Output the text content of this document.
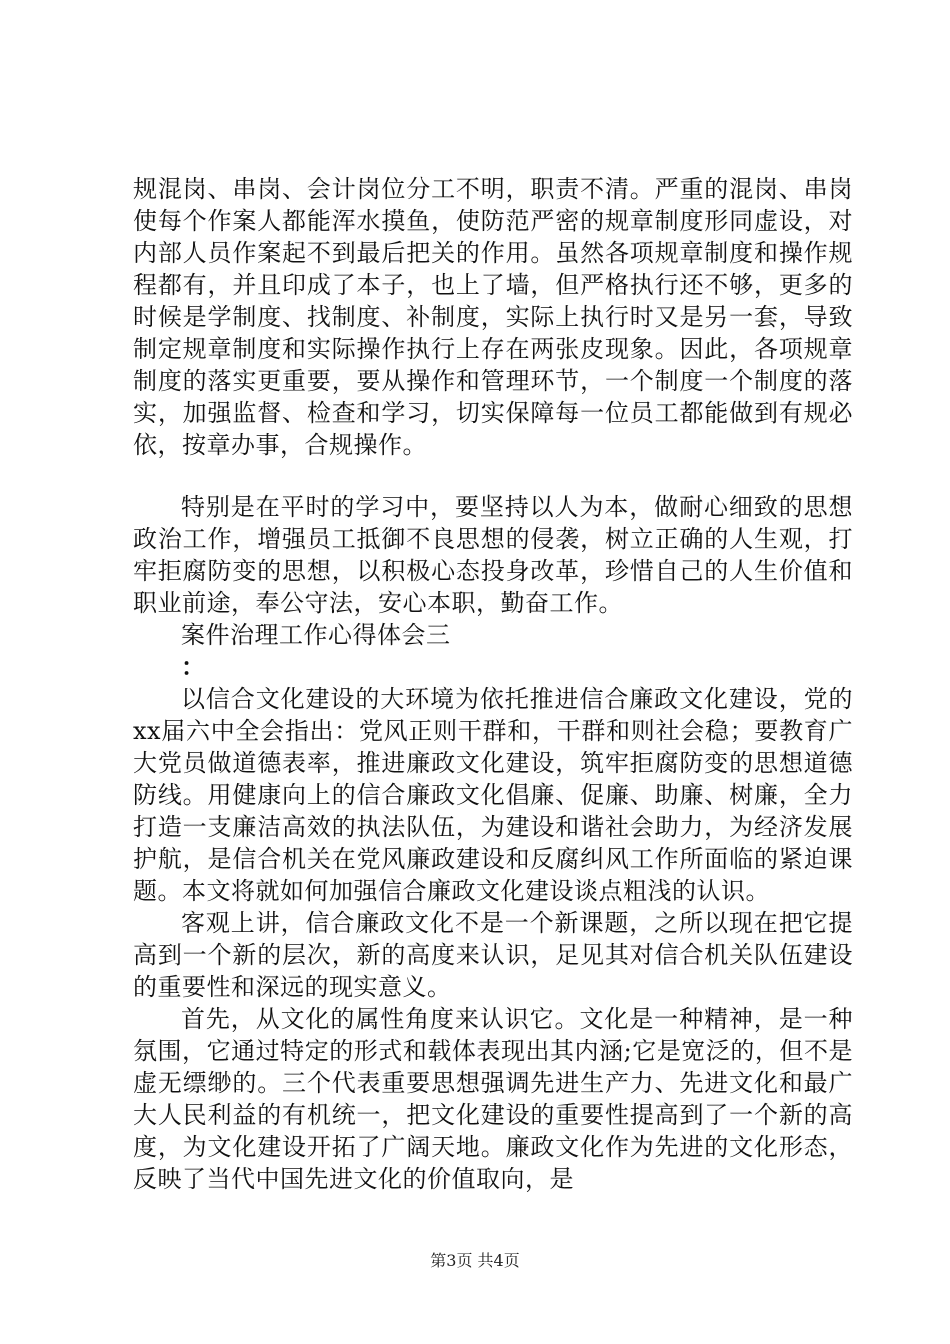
规混岗、串岗、会计岗位分工不明，职责不清。严重的混岗、串岗使每个作案人都能浑水摸鱼，使防范严密的规章制度形同虚设，对内部人员作案起不到最后把关的作用。虽然各项规章制度和操作规程都有，并且印成了本子，也上了墙，但严格执行还不够，更多的时候是学制度、找制度、补制度，实际上执行时又是另一套，导致制定规章制度和实际操作执行上存在两张皮现象。因此，各项规章制度的落实更重要，要从操作和管理环节，一个制度一个制度的落实，加强监督、检查和学习，切实保障每一位员工都能做到有规必依，按章办事，合规操作。

特别是在平时的学习中，要坚持以人为本，做耐心细致的思想政治工作，增强员工抵御不良思想的侵袭，树立正确的人生观，打牢拒腐防变的思想，以积极心态投身改革，珍惜自己的人生价值和职业前途，奉公守法，安心本职，勤奋工作。

案件治理工作心得体会三

：

以信合文化建设的大环境为依托推进信合廉政文化建设，党的xx届六中全会指出：党风正则干群和，干群和则社会稳；要教育广大党员做道德表率，推进廉政文化建设，筑牢拒腐防变的思想道德防线。用健康向上的信合廉政文化倡廉、促廉、助廉、树廉，全力打造一支廉洁高效的执法队伍，为建设和谐社会助力，为经济发展护航，是信合机关在党风廉政建设和反腐纠风工作所面临的紧迫课题。本文将就如何加强信合廉政文化建设谈点粗浅的认识。

客观上讲，信合廉政文化不是一个新课题，之所以现在把它提高到一个新的层次，新的高度来认识，足见其对信合机关队伍建设的重要性和深远的现实意义。

首先，从文化的属性角度来认识它。文化是一种精神，是一种氛围，它通过特定的形式和载体表现出其内涵;它是宽泛的，但不是虚无缥缈的。三个代表重要思想强调先进生产力、先进文化和最广大人民利益的有机统一，把文化建设的重要性提高到了一个新的高度，为文化建设开拓了广阔天地。廉政文化作为先进的文化形态，反映了当代中国先进文化的价值取向，是

第3页 共4页
